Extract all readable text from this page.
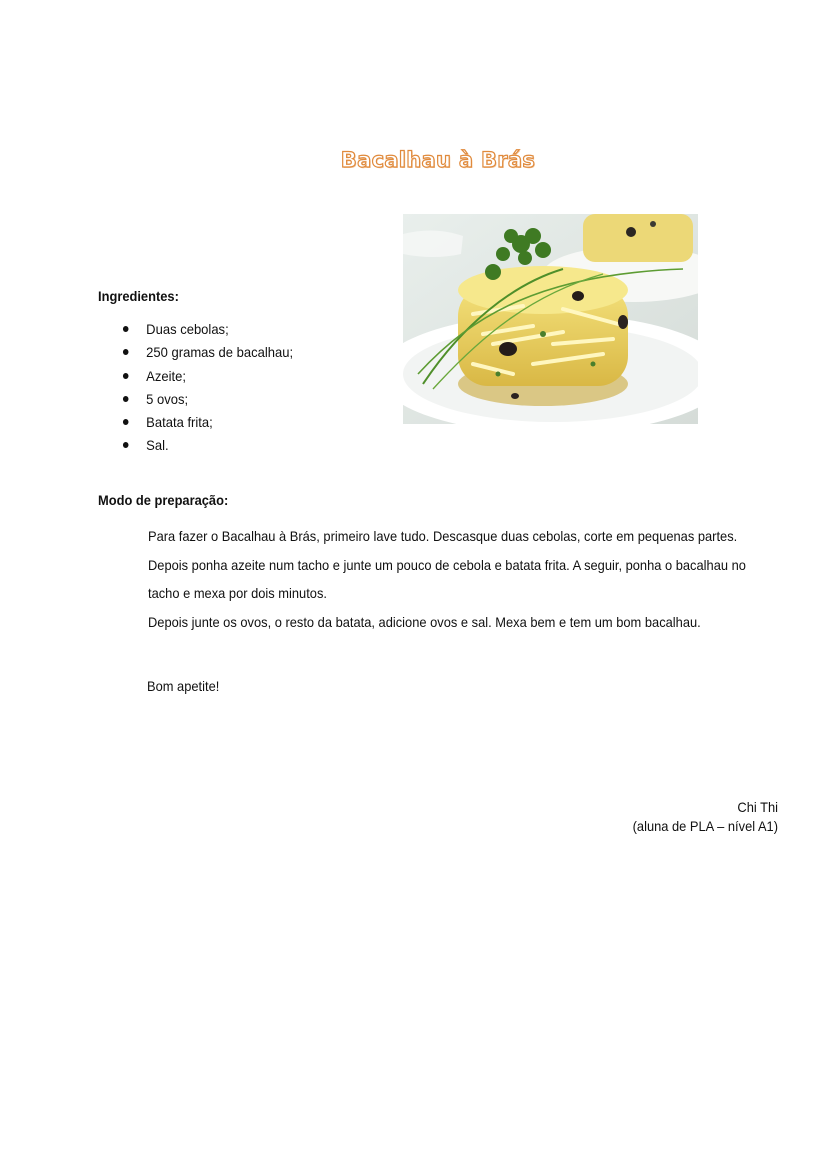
Bacalhau à Brás
Ingredientes:
Duas cebolas;
250 gramas de bacalhau;
Azeite;
5 ovos;
Batata frita;
Sal.
Modo de preparação:

Para fazer o Bacalhau à Brás, primeiro lave tudo. Descasque duas cebolas, corte em pequenas partes. Depois ponha azeite num tacho e junte um pouco de cebola e batata frita. A seguir, ponha o bacalhau no tacho e mexa por dois minutos.

Depois junte os ovos, o resto da batata, adicione ovos e sal. Mexa bem e tem um bom bacalhau.

Bom apetite!
Chi Thi
(aluna de PLA – nível A1)
